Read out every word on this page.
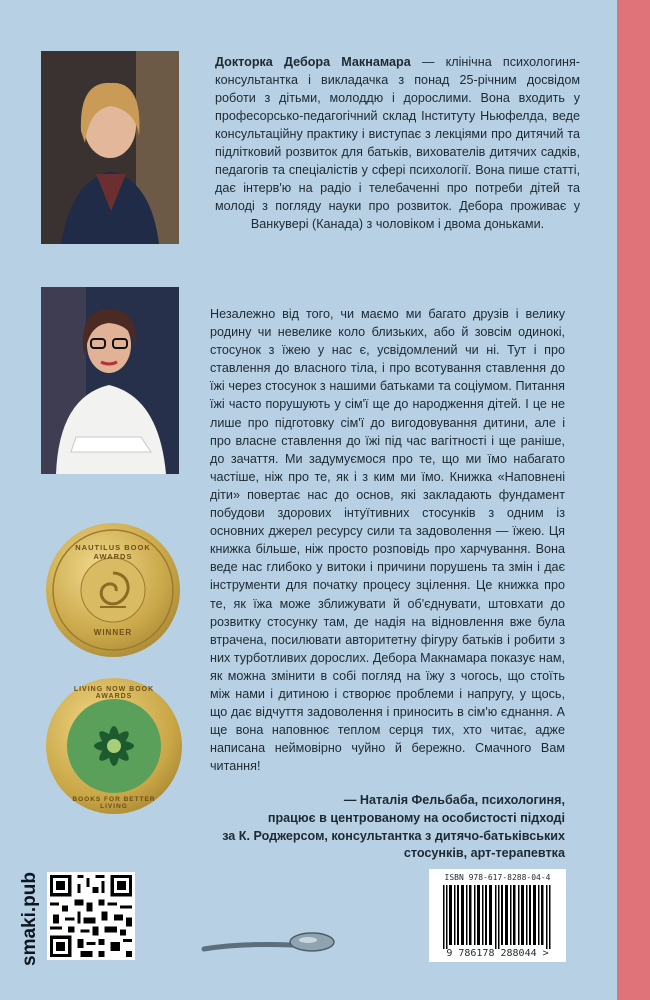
Докторка Дебора Макнамара — клінічна психологиня-консультантка і викладачка з понад 25-річним досвідом роботи з дітьми, молоддю і дорослими. Вона входить у професорсько-педагогічний склад Інституту Ньюфелда, веде консультаційну практику і виступає з лекціями про дитячий та підлітковий розвиток для батьків, вихователів дитячих садків, педагогів та спеціалістів у сфері психології. Вона пише статті, дає інтерв'ю на радіо і телебаченні про потреби дітей та молоді з погляду науки про розвиток. Дебора проживає у Ванкувері (Канада) з чоловіком і двома доньками.
Незалежно від того, чи маємо ми багато друзів і велику родину чи невелике коло близьких, або й зовсім одинокі, стосунок з їжею у нас є, усвідомлений чи ні. Тут і про ставлення до власного тіла, і про всотування ставлення до їжі через стосунок з нашими батьками та соціумом. Питання їжі часто порушують у сім'ї ще до народження дітей. І це не лише про підготовку сім'ї до вигодовування дитини, але і про власне ставлення до їжі під час вагітності і ще раніше, до зачаття. Ми задумуємося про те, що ми їмо набагато частіше, ніж про те, як і з ким ми їмо. Книжка «Наповнені діти» повертає нас до основ, які закладають фундамент побудови здорових інтуїтивних стосунків з одним із основних джерел ресурсу сили та задоволення — їжею. Ця книжка більше, ніж просто розповідь про харчування. Вона веде нас глибоко у витоки і причини порушень та змін і дає інструменти для початку процесу зцілення. Це книжка про те, як їжа може зближувати й об'єднувати, штовхати до розвитку стосунку там, де надія на відновлення вже була втрачена, посилювати авторитетну фігуру батьків і робити з них турботливих дорослих. Дебора Макнамара показує нам, як можна змінити в собі погляд на їжу з чогось, що стоїть між нами і дитиною і створює проблеми і напругу, у щось, що дає відчуття задоволення і приносить в сім'ю єднання. А ще вона наповнює теплом серця тих, хто читає, адже написана неймовірно чуйно й бережно. Смачного Вам читання!
— Наталія Фельбаба, психологиня,
працює в центрованому на особистості підході
за К. Роджерсом, консультантка з дитячо-батьківських
стосунків, арт-терапевтка
NAUTILUS BOOK AWARDS
WINNER
LIVING NOW BOOK AWARDS
BOOKS FOR BETTER LIVING
smaki.pub	ISBN 978-617-8288-04-4
9 786178 288044 >
